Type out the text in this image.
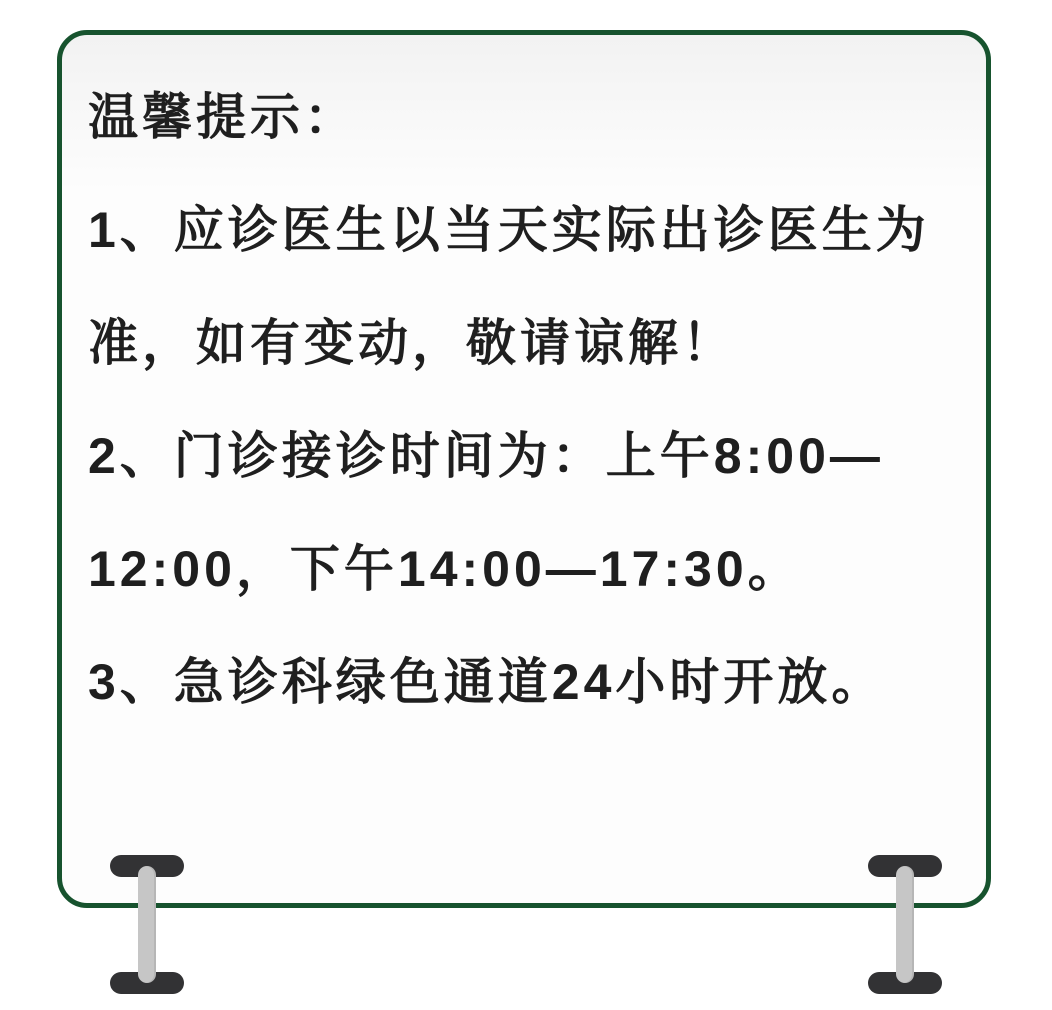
温馨提示：

1、应诊医生以当天实际出诊医生为

准，如有变动，敬请谅解！

2、门诊接诊时间为：上午8:00—

12:00，下午14:00—17:30。

3、急诊科绿色通道24小时开放。
